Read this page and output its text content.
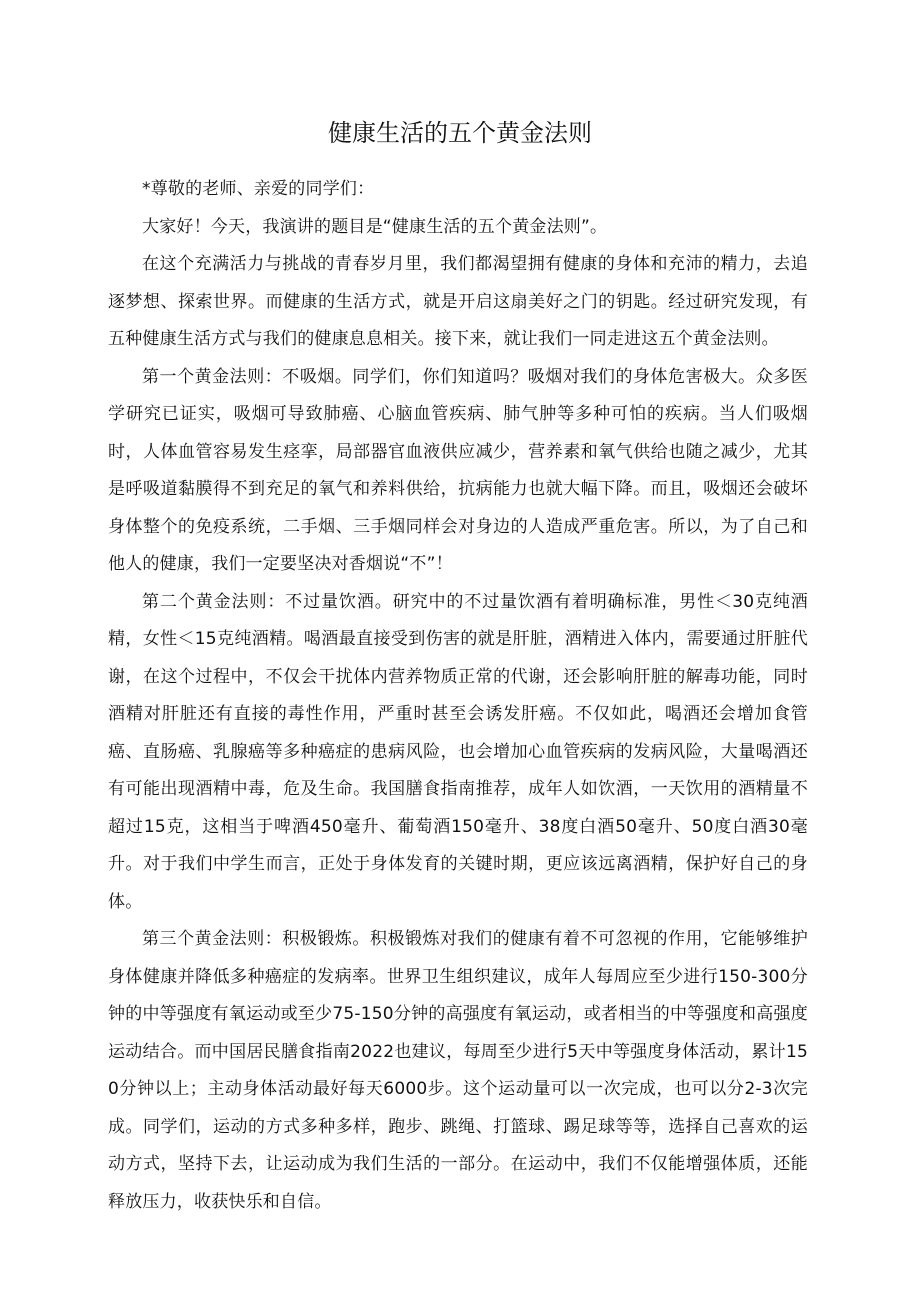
健康生活的五个黄金法则

*尊敬的老师、亲爱的同学们：

大家好！今天，我演讲的题目是“健康生活的五个黄金法则”。

在这个充满活力与挑战的青春岁月里，我们都渴望拥有健康的身体和充沛的精力，去追逐梦想、探索世界。而健康的生活方式，就是开启这扇美好之门的钥匙。经过研究发现，有五种健康生活方式与我们的健康息息相关。接下来，就让我们一同走进这五个黄金法则。

第一个黄金法则：不吸烟。同学们，你们知道吗？吸烟对我们的身体危害极大。众多医学研究已证实，吸烟可导致肺癌、心脑血管疾病、肺气肿等多种可怕的疾病。当人们吸烟时，人体血管容易发生痉挛，局部器官血液供应减少，营养素和氧气供给也随之减少，尤其是呼吸道黏膜得不到充足的氧气和养料供给，抗病能力也就大幅下降。而且，吸烟还会破坏身体整个的免疫系统，二手烟、三手烟同样会对身边的人造成严重危害。所以，为了自己和他人的健康，我们一定要坚决对香烟说“不”！

第二个黄金法则：不过量饮酒。研究中的不过量饮酒有着明确标准，男性＜30克纯酒精，女性＜15克纯酒精。喝酒最直接受到伤害的就是肝脏，酒精进入体内，需要通过肝脏代谢，在这个过程中，不仅会干扰体内营养物质正常的代谢，还会影响肝脏的解毒功能，同时酒精对肝脏还有直接的毒性作用，严重时甚至会诱发肝癌。不仅如此，喝酒还会增加食管癌、直肠癌、乳腺癌等多种癌症的患病风险，也会增加心血管疾病的发病风险，大量喝酒还有可能出现酒精中毒，危及生命。我国膳食指南推荐，成年人如饮酒，一天饮用的酒精量不超过15克，这相当于啤酒450毫升、葡萄酒150毫升、38度白酒50毫升、50度白酒30毫升。对于我们中学生而言，正处于身体发育的关键时期，更应该远离酒精，保护好自己的身体。

第三个黄金法则：积极锻炼。积极锻炼对我们的健康有着不可忽视的作用，它能够维护身体健康并降低多种癌症的发病率。世界卫生组织建议，成年人每周应至少进行150-300分钟的中等强度有氧运动或至少75-150分钟的高强度有氧运动，或者相当的中等强度和高强度运动结合。而中国居民膳食指南2022也建议，每周至少进行5天中等强度身体活动，累计150分钟以上；主动身体活动最好每天6000步。这个运动量可以一次完成，也可以分2-3次完成。同学们，运动的方式多种多样，跑步、跳绳、打篮球、踢足球等等，选择自己喜欢的运动方式，坚持下去，让运动成为我们生活的一部分。在运动中，我们不仅能增强体质，还能释放压力，收获快乐和自信。
